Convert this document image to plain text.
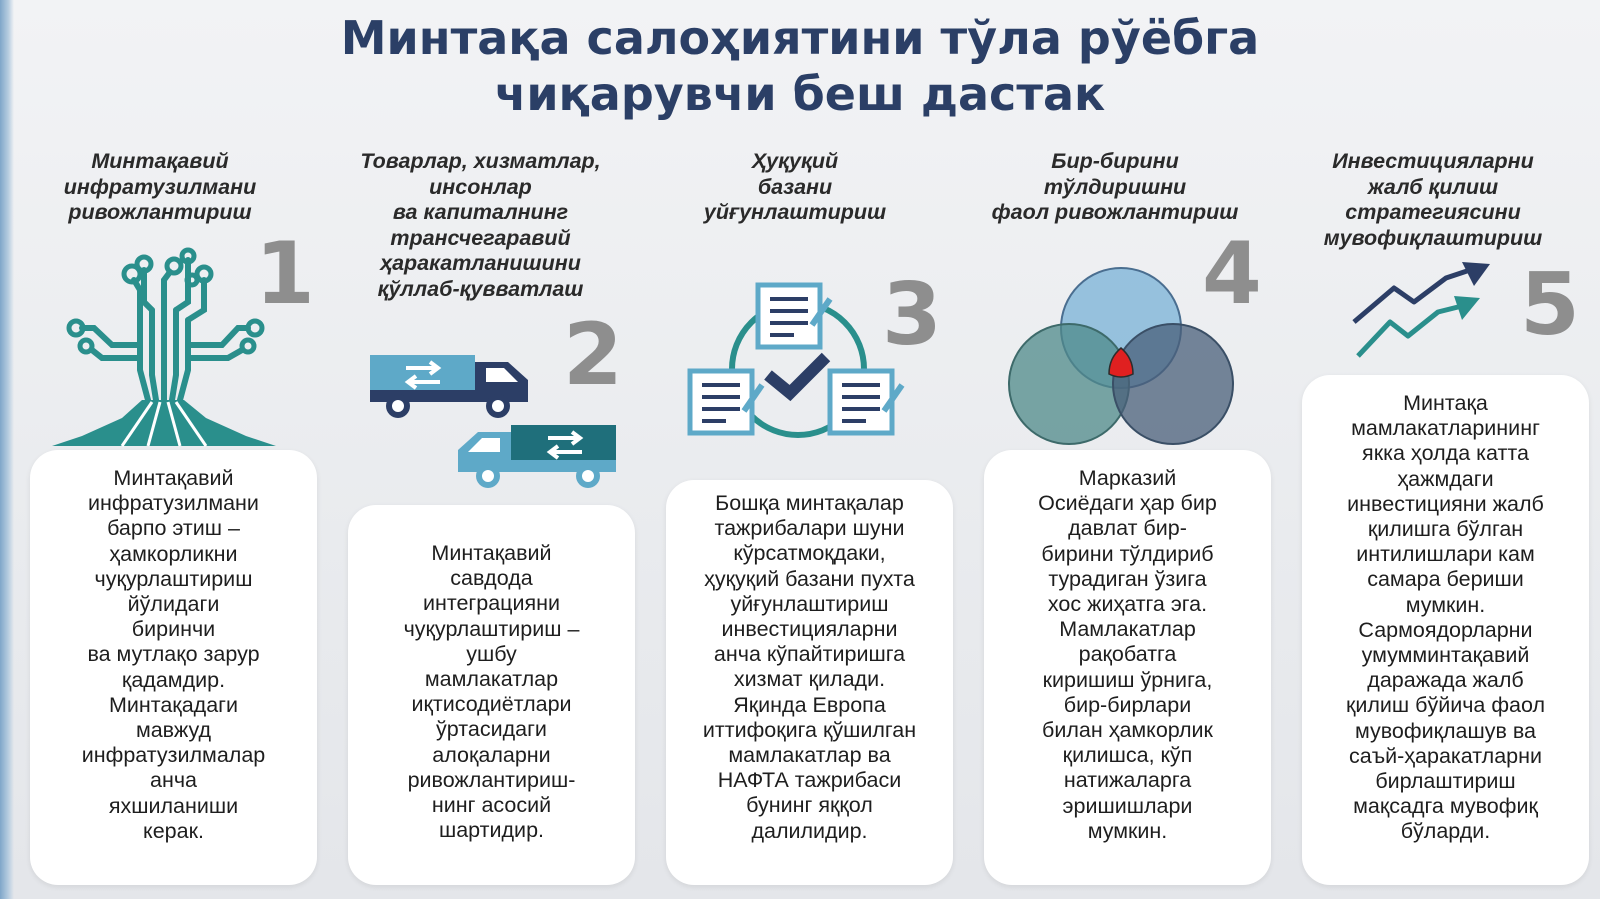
Минтақа салоҳиятини тўла рўёбга
чиқарувчи беш дастак
Минтақавий
инфратузилмани
ривожлантириш
Товарлар, хизматлар,
инсонлар
ва капиталнинг
трансчегаравий
ҳаракатланишини
қўллаб-қувватлаш
Ҳуқуқий
базани
уйғунлаштириш
Бир-бирини
тўлдиришни
фаол ривожлантириш
Инвестицияларни
жалб қилиш
стратегиясини
мувофиқлаштириш
1
2	3	4	5
Минтақавий
инфратузилмани
барпо этиш –
ҳамкорликни
чуқурлаштириш
йўлидаги
биринчи
ва мутлақо зарур
қадамдир.
Минтақадаги
мавжуд
инфратузилмалар
анча
яхшиланиши
керак.
Минтақавий
савдода
интеграцияни
чуқурлаштириш –
ушбу
мамлакатлар
иқтисодиётлари
ўртасидаги
алоқаларни
ривожлантириш-
нинг асосий
шартидир.
Бошқа минтақалар
тажрибалари шуни
кўрсатмоқдаки,
ҳуқуқий базани пухта
уйғунлаштириш
инвестицияларни
анча кўпайтиришга
хизмат қилади.
Яқинда Европа
иттифоқига қўшилган
мамлакатлар ва
НАФТА тажрибаси
бунинг яққол
далилидир.
Марказий
Осиёдаги ҳар бир
давлат бир-
бирини тўлдириб
турадиган ўзига
хос жиҳатга эга.
Мамлакатлар
рақобатга
киришиш ўрнига,
бир-бирлари
билан ҳамкорлик
қилишса, кўп
натижаларга
эришишлари
мумкин.
Минтақа
мамлакатларининг
якка ҳолда катта
ҳажмдаги
инвестицияни жалб
қилишга бўлган
интилишлари кам
самара бериши
мумкин.
Сармоядорларни
умумминтақавий
даражада жалб
қилиш бўйича фаол
мувофиқлашув ва
саъй-ҳаракатларни
бирлаштириш
мақсадга мувофиқ
бўларди.
